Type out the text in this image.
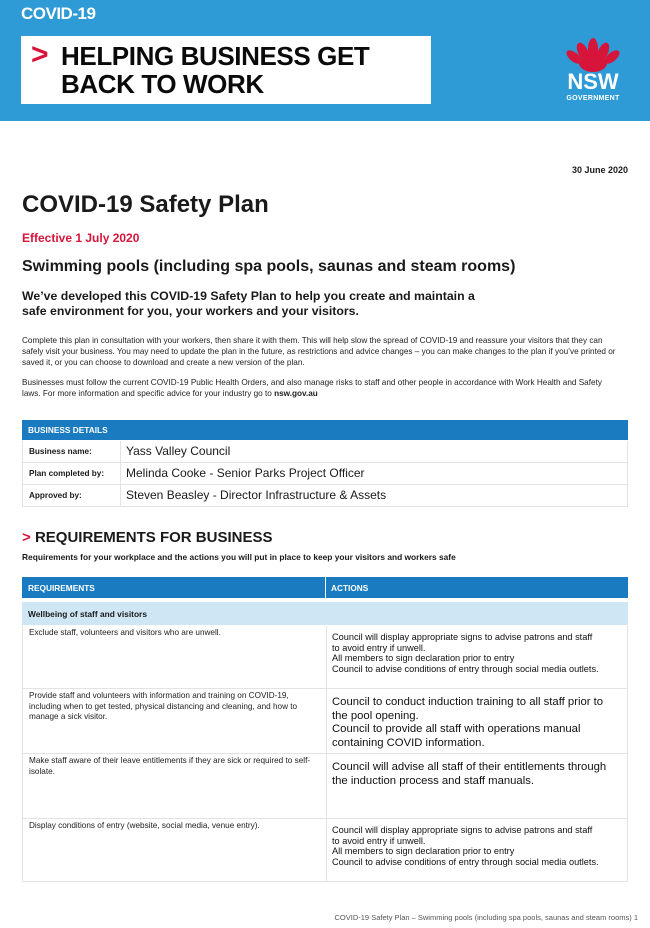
COVID-19
> HELPING BUSINESS GET
BACK TO WORK	NSW
GOVERNMENT
30 June 2020
COVID-19 Safety Plan
Effective 1 July 2020
Swimming pools (including spa pools, saunas and steam rooms)
We’ve developed this COVID-19 Safety Plan to help you create and maintain a safe environment for you, your workers and your visitors.
Complete this plan in consultation with your workers, then share it with them. This will help slow the spread of COVID-19 and reassure your visitors that they can safely visit your business. You may need to update the plan in the future, as restrictions and advice changes – you can make changes to the plan if you’ve printed or saved it, or you can choose to download and create a new version of the plan.
Businesses must follow the current COVID-19 Public Health Orders, and also manage risks to staff and other people in accordance with Work Health and Safety laws. For more information and specific advice for your industry go to nsw.gov.au
BUSINESS DETAILS
Business name:	Yass Valley Council
Plan completed by: Melinda Cooke - Senior Parks Project Officer
Approved by:	Steven Beasley - Director Infrastructure & Assets
> REQUIREMENTS FOR BUSINESS
Requirements for your workplace and the actions you will put in place to keep your visitors and workers safe
REQUIREMENTS	ACTIONS
Wellbeing of staff and visitors
Exclude staff, volunteers and visitors who are unwell.	Council will display appropriate signs to advise patrons and staff
to avoid entry if unwell.
All members to sign declaration prior to entry
Council to advise conditions of entry through social media outlets.
Provide staff and volunteers with information and training on COVID-19, including when to get tested, physical distancing and cleaning, and how to manage a sick visitor.
Council to conduct induction training to all staff prior to
the pool opening.
Council to provide all staff with operations manual
containing COVID information.
Make staff aware of their leave entitlements if they are sick or required to self-isolate.	Council will advise all staff of their entitlements through
the induction process and staff manuals.
Display conditions of entry (website, social media, venue entry).	Council will display appropriate signs to advise patrons and staff
to avoid entry if unwell.
All members to sign declaration prior to entry
Council to advise conditions of entry through social media outlets.
COVID-19 Safety Plan – Swimming pools (including spa pools, saunas and steam rooms) 1
